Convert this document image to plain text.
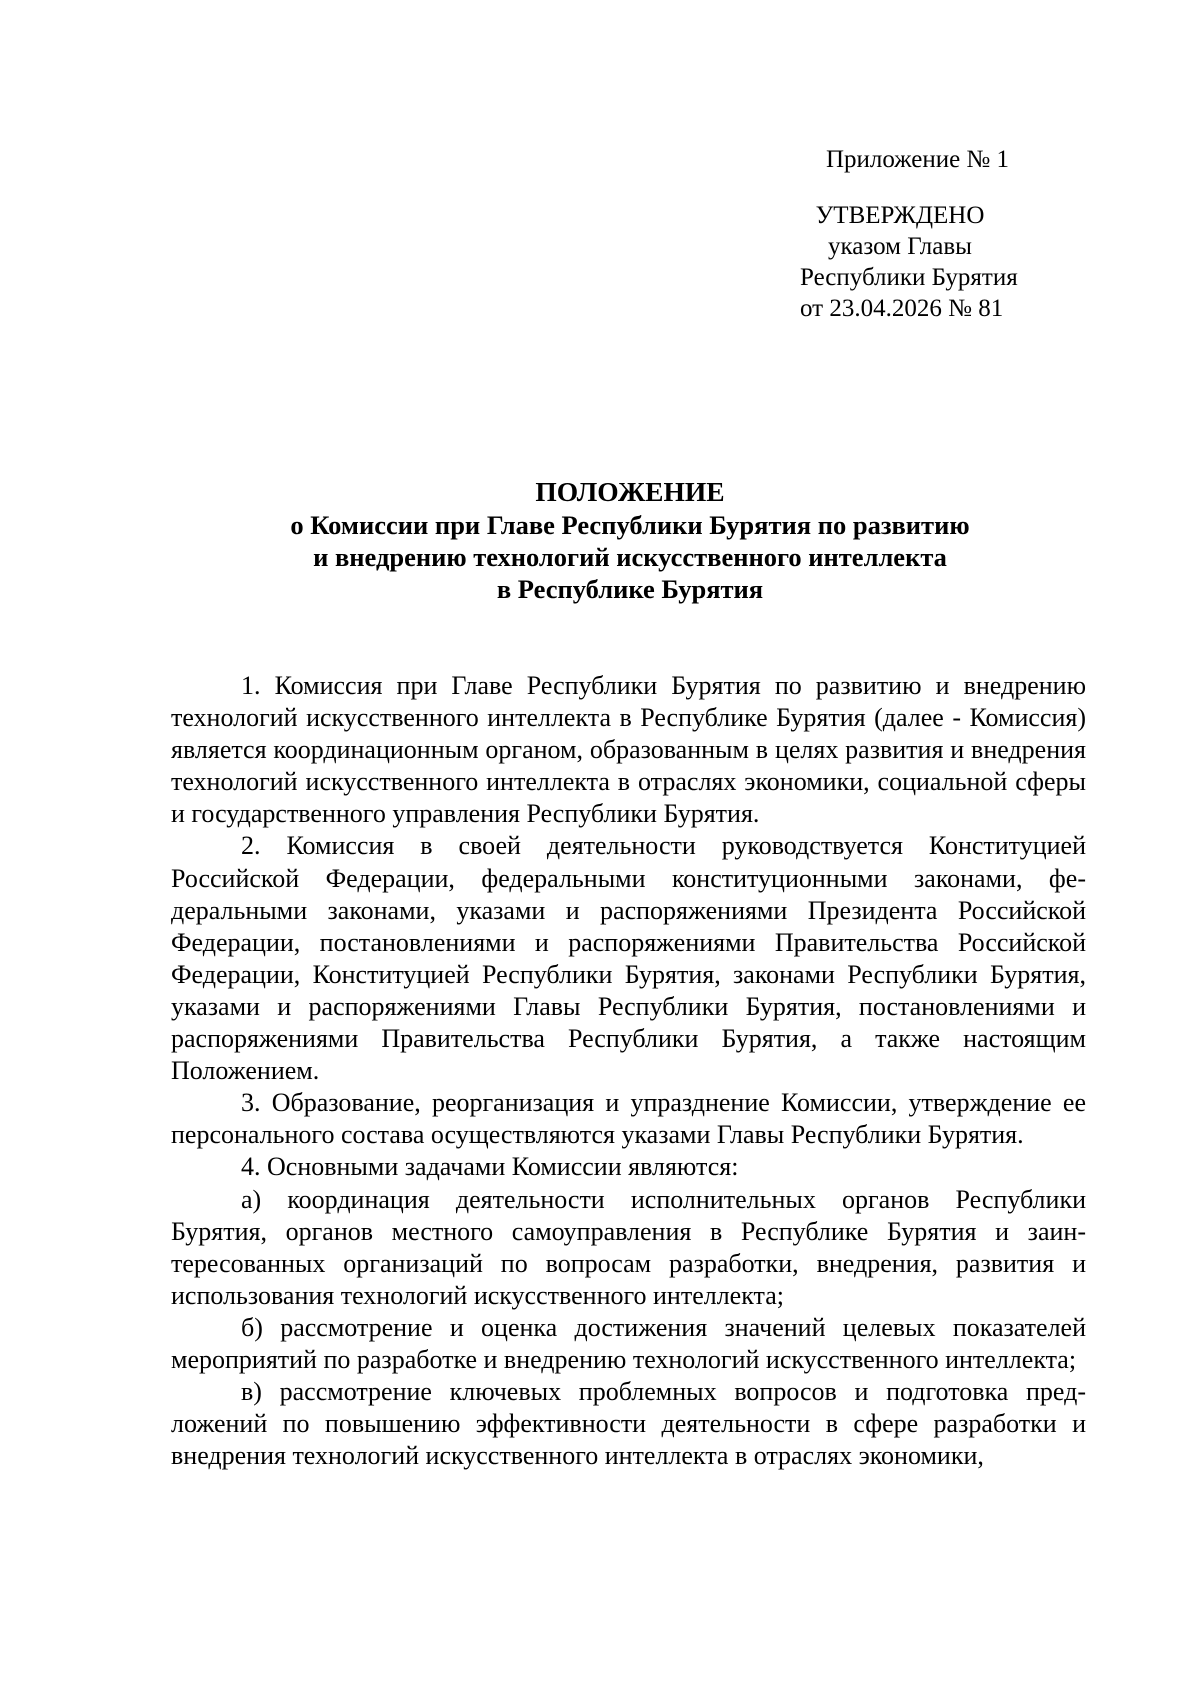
Приложение № 1
УТВЕРЖДЕНО
указом Главы
Республики Бурятия
от 23.04.2026 № 81
ПОЛОЖЕНИЕ
о Комиссии при Главе Республики Бурятия по развитию
и внедрению технологий искусственного интеллекта
в Республике Бурятия

1. Комиссия при Главе Республики Бурятия по развитию и внедрению технологий искусственного интеллекта в Республике Бурятия (далее - Комиссия) является координационным органом, образованным в целях развития и внедрения технологий искусственного интеллекта в отраслях экономики, социальной сферы и государственного управления Республики Бурятия.

2. Комиссия в своей деятельности руководствуется Конституцией Российской Федерации, федеральными конституционными законами, федеральными законами, указами и распоряжениями Президента Российской Федерации, постановлениями и распоряжениями Правительства Российской Федерации, Конституцией Республики Бурятия, законами Республики Бурятия, указами и распоряжениями Главы Республики Бурятия, постановлениями и распоряжениями Правительства Республики Бурятия, а также настоящим Положением.

3. Образование, реорганизация и упразднение Комиссии, утверждение ее персонального состава осуществляются указами Главы Республики Бурятия.

4. Основными задачами Комиссии являются:

а) координация деятельности исполнительных органов Республики Бурятия, органов местного самоуправления в Республике Бурятия и заинтересованных организаций по вопросам разработки, внедрения, развития и использования технологий искусственного интеллекта;

б) рассмотрение и оценка достижения значений целевых показателей мероприятий по разработке и внедрению технологий искусственного интеллекта;

в) рассмотрение ключевых проблемных вопросов и подготовка предложений по повышению эффективности деятельности в сфере разработки и внедрения технологий искусственного интеллекта в отраслях экономики,
